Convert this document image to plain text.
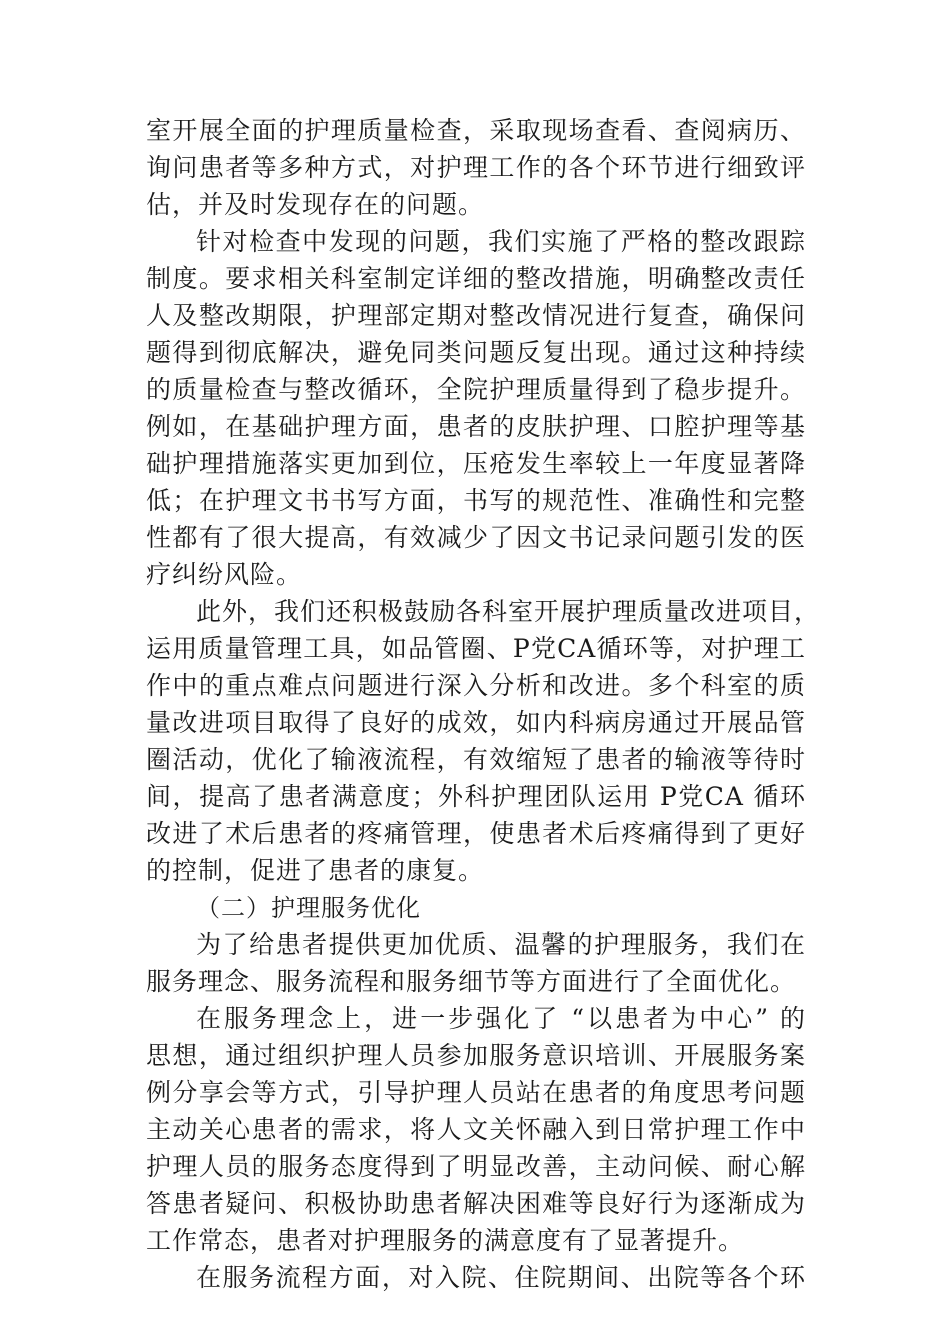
室开展全面的护理质量检查，采取现场查看、查阅病历、
询问患者等多种方式，对护理工作的各个环节进行细致评
估，并及时发现存在的问题。
针对检查中发现的问题，我们实施了严格的整改跟踪
制度。要求相关科室制定详细的整改措施，明确整改责任
人及整改期限，护理部定期对整改情况进行复查，确保问
题得到彻底解决，避免同类问题反复出现。通过这种持续
的质量检查与整改循环，全院护理质量得到了稳步提升。
例如，在基础护理方面，患者的皮肤护理、口腔护理等基
础护理措施落实更加到位，压疮发生率较上一年度显著降
低；在护理文书书写方面，书写的规范性、准确性和完整
性都有了很大提高，有效减少了因文书记录问题引发的医
疗纠纷风险。
此外，我们还积极鼓励各科室开展护理质量改进项目，
运用质量管理工具，如品管圈、P党CA循环等，对护理工
作中的重点难点问题进行深入分析和改进。多个科室的质
量改进项目取得了良好的成效，如内科病房通过开展品管
圈活动，优化了输液流程，有效缩短了患者的输液等待时
间，提高了患者满意度；外科护理团队运用 P党CA 循环
改进了术后患者的疼痛管理，使患者术后疼痛得到了更好
的控制，促进了患者的康复。
（二）护理服务优化
为了给患者提供更加优质、温馨的护理服务，我们在
服务理念、服务流程和服务细节等方面进行了全面优化。
在服务理念上，进一步强化了 “以患者为中心” 的
思想，通过组织护理人员参加服务意识培训、开展服务案
例分享会等方式，引导护理人员站在患者的角度思考问题
主动关心患者的需求，将人文关怀融入到日常护理工作中
护理人员的服务态度得到了明显改善，主动问候、耐心解
答患者疑问、积极协助患者解决困难等良好行为逐渐成为
工作常态，患者对护理服务的满意度有了显著提升。
在服务流程方面，对入院、住院期间、出院等各个环
